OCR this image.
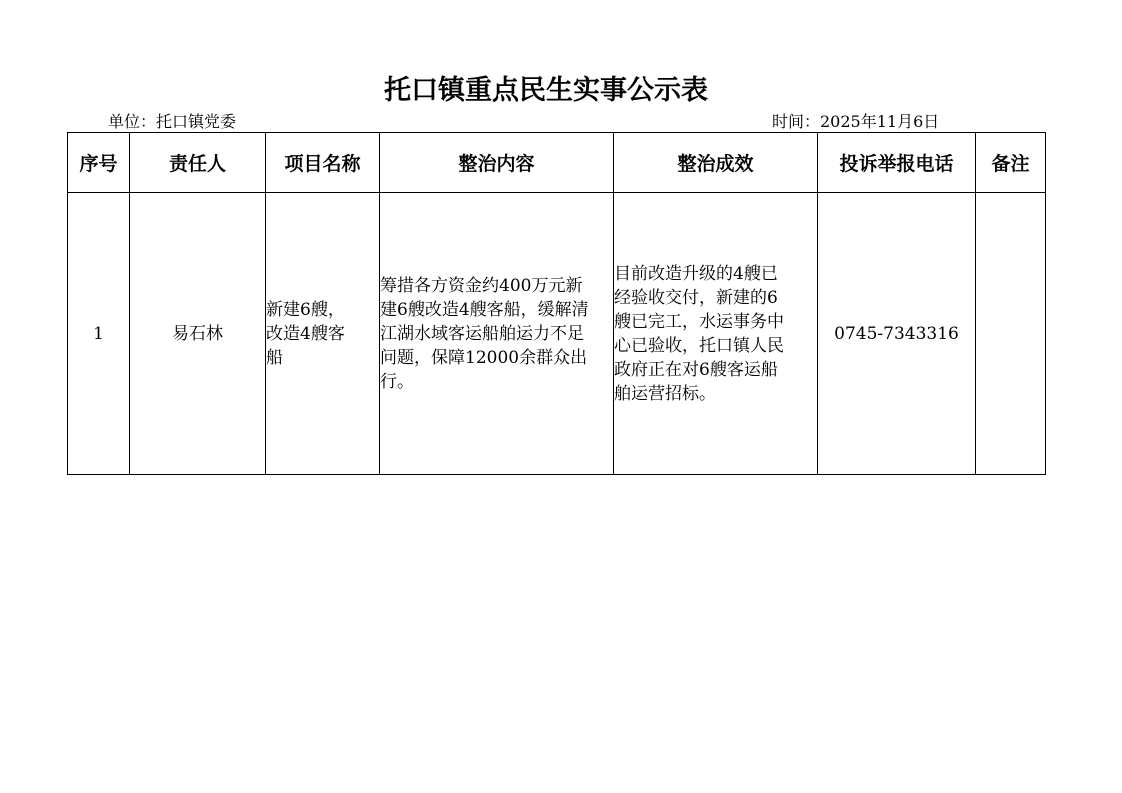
托口镇重点民生实事公示表
单位：托口镇党委	时间：2025年11月6日
序号	责任人	项目名称	整治内容	整治成效	投诉举报电话	备注
1	易石林	新建6艘，改造4艘客船	筹措各方资金约400万元新建6艘改造4艘客船，缓解清江湖水域客运船舶运力不足问题，保障12000余群众出行。	目前改造升级的4艘已经验收交付，新建的6艘已完工，水运事务中心已验收，托口镇人民政府正在对6艘客运船舶运营招标。	0745-7343316	
